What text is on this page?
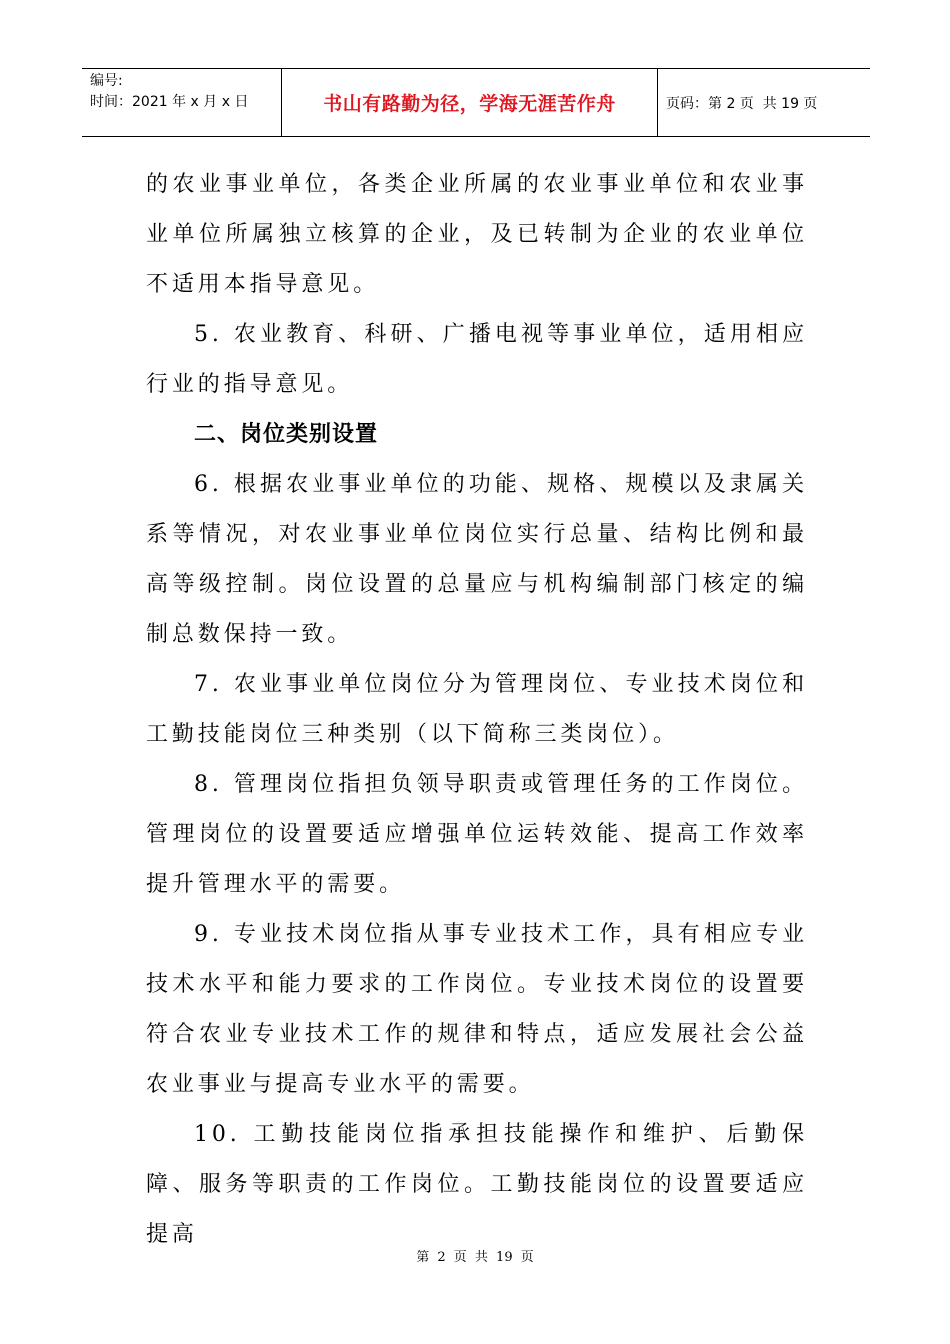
编号:
时间：2021 年 x 月 x 日	书山有路勤为径，学海无涯苦作舟	页码：第 2 页  共 19 页

的农业事业单位，各类企业所属的农业事业单位和农业事业单位所属独立核算的企业，及已转制为企业的农业单位不适用本指导意见。

5. 农业教育、科研、广播电视等事业单位，适用相应行业的指导意见。

二、岗位类别设置

6. 根据农业事业单位的功能、规格、规模以及隶属关系等情况，对农业事业单位岗位实行总量、结构比例和最高等级控制。岗位设置的总量应与机构编制部门核定的编制总数保持一致。

7. 农业事业单位岗位分为管理岗位、专业技术岗位和工勤技能岗位三种类别（以下简称三类岗位）。

8. 管理岗位指担负领导职责或管理任务的工作岗位。管理岗位的设置要适应增强单位运转效能、提高工作效率提升管理水平的需要。

9. 专业技术岗位指从事专业技术工作，具有相应专业技术水平和能力要求的工作岗位。专业技术岗位的设置要符合农业专业技术工作的规律和特点，适应发展社会公益农业事业与提高专业水平的需要。

10. 工勤技能岗位指承担技能操作和维护、后勤保障、服务等职责的工作岗位。工勤技能岗位的设置要适应提高

第 2 页 共 19 页
